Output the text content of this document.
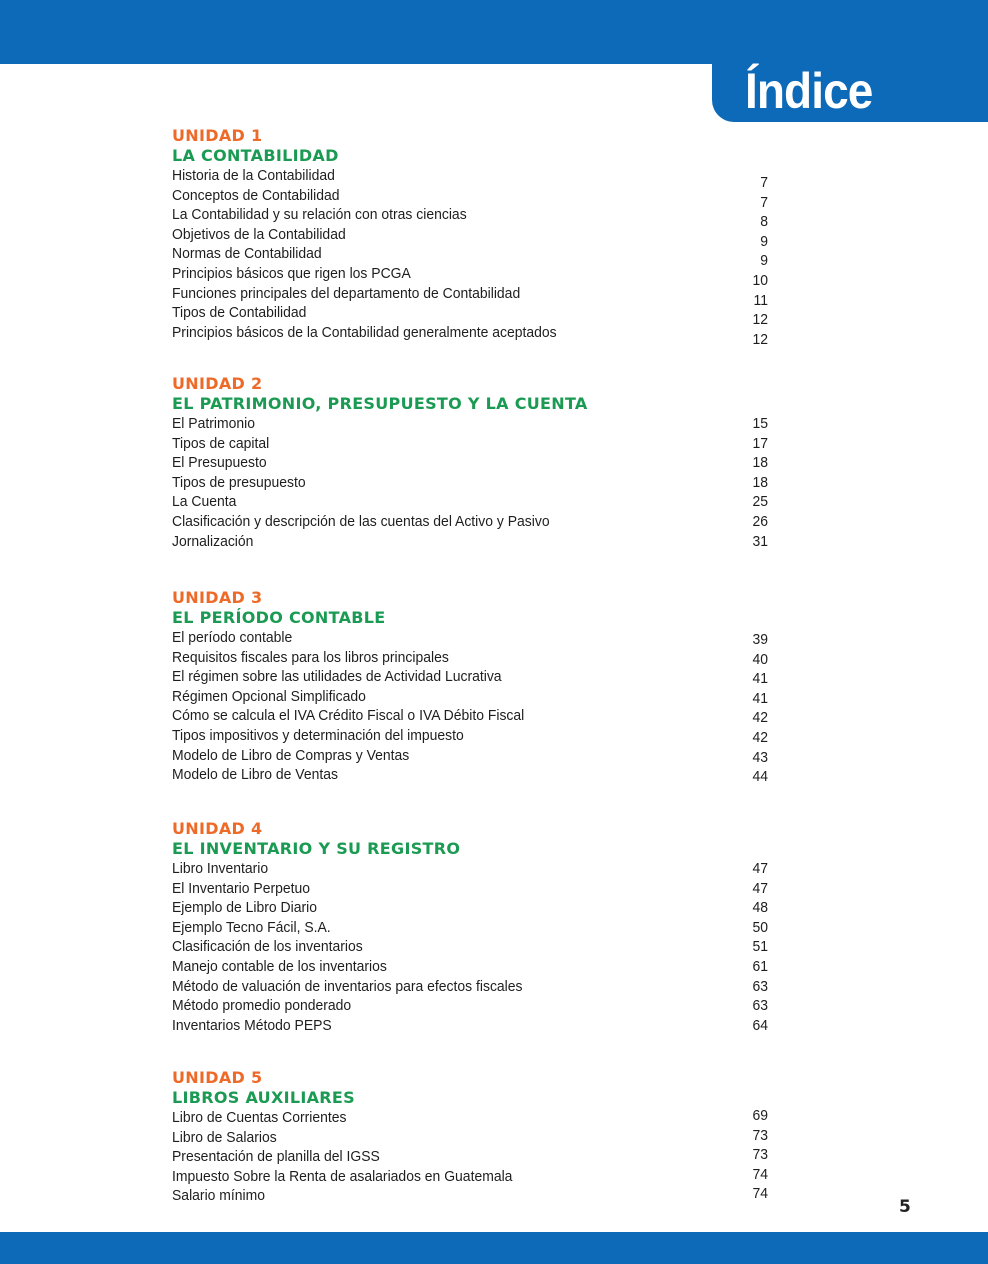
Índice
UNIDAD 1
LA CONTABILIDAD
Historia de la Contabilidad
Conceptos de Contabilidad
La Contabilidad y su relación con otras ciencias
Objetivos de la Contabilidad
Normas de Contabilidad
Principios básicos que rigen los PCGA
Funciones principales del departamento de Contabilidad
Tipos de Contabilidad
Principios básicos de la Contabilidad generalmente aceptados
7
7
8
9
9
10
11
12
12
UNIDAD 2
EL PATRIMONIO, PRESUPUESTO Y LA CUENTA
El Patrimonio
Tipos de capital
El Presupuesto
Tipos de presupuesto
La Cuenta
Clasificación y descripción de las cuentas del Activo y Pasivo
Jornalización
15
17
18
18
25
26
31
UNIDAD 3
EL PERÍODO CONTABLE
El período contable
Requisitos fiscales para los libros principales
El régimen sobre las utilidades de Actividad Lucrativa
Régimen Opcional Simplificado
Cómo se calcula el IVA Crédito Fiscal o IVA Débito Fiscal
Tipos impositivos y determinación del impuesto
Modelo de Libro de Compras y Ventas
Modelo de Libro de Ventas
39
40
41
41
42
42
43
44
UNIDAD 4
EL INVENTARIO Y SU REGISTRO
Libro Inventario
El Inventario Perpetuo
Ejemplo de Libro Diario
Ejemplo Tecno Fácil, S.A.
Clasificación de los inventarios
Manejo contable de los inventarios
Método de valuación de inventarios para efectos fiscales
Método promedio ponderado
Inventarios Método PEPS
47
47
48
50
51
61
63
63
64
UNIDAD 5
LIBROS AUXILIARES
Libro de Cuentas Corrientes
Libro de Salarios
Presentación de planilla del IGSS
Impuesto Sobre la Renta de asalariados en Guatemala
Salario mínimo
69
73
73
74
74
5
